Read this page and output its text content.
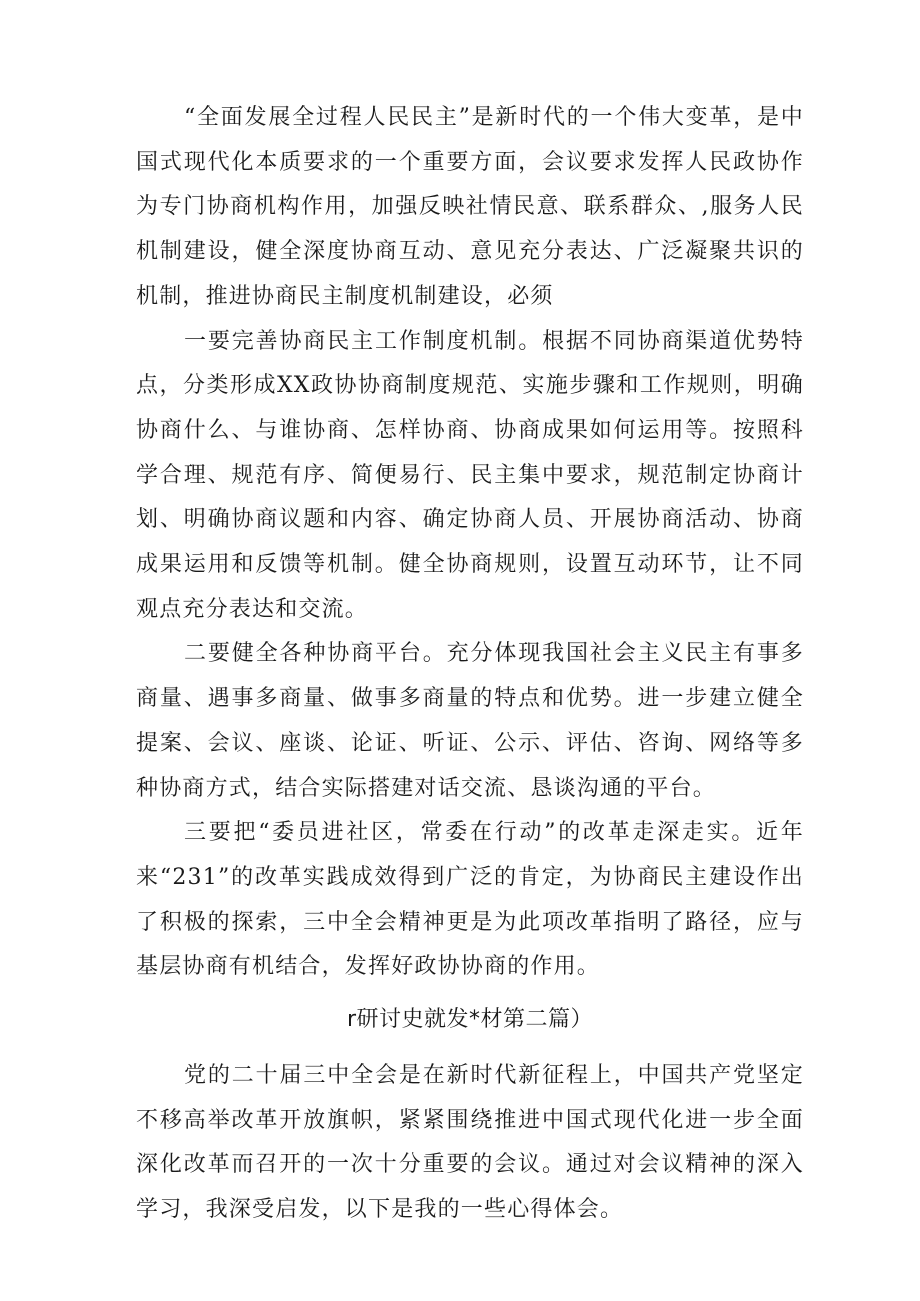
“全面发展全过程人民民主”是新时代的一个伟大变革，是中国式现代化本质要求的一个重要方面，会议要求发挥人民政协作为专门协商机构作用，加强反映社情民意、联系群众、,服务人民机制建设，健全深度协商互动、意见充分表达、广泛凝聚共识的机制，推进协商民主制度机制建设，必须

一要完善协商民主工作制度机制。根据不同协商渠道优势特点，分类形成XX政协协商制度规范、实施步骤和工作规则，明确协商什么、与谁协商、怎样协商、协商成果如何运用等。按照科学合理、规范有序、简便易行、民主集中要求，规范制定协商计划、明确协商议题和内容、确定协商人员、开展协商活动、协商成果运用和反馈等机制。健全协商规则，设置互动环节，让不同观点充分表达和交流。

二要健全各种协商平台。充分体现我国社会主义民主有事多商量、遇事多商量、做事多商量的特点和优势。进一步建立健全提案、会议、座谈、论证、听证、公示、评估、咨询、网络等多种协商方式，结合实际搭建对话交流、恳谈沟通的平台。

三要把“委员进社区，常委在行动”的改革走深走实。近年来“231”的改革实践成效得到广泛的肯定，为协商民主建设作出了积极的探索，三中全会精神更是为此项改革指明了路径，应与基层协商有机结合，发挥好政协协商的作用。

r研讨史就发*材第二篇）

党的二十届三中全会是在新时代新征程上，中国共产党坚定不移高举改革开放旗帜，紧紧围绕推进中国式现代化进一步全面深化改革而召开的一次十分重要的会议。通过对会议精神的深入学习，我深受启发，以下是我的一些心得体会。
